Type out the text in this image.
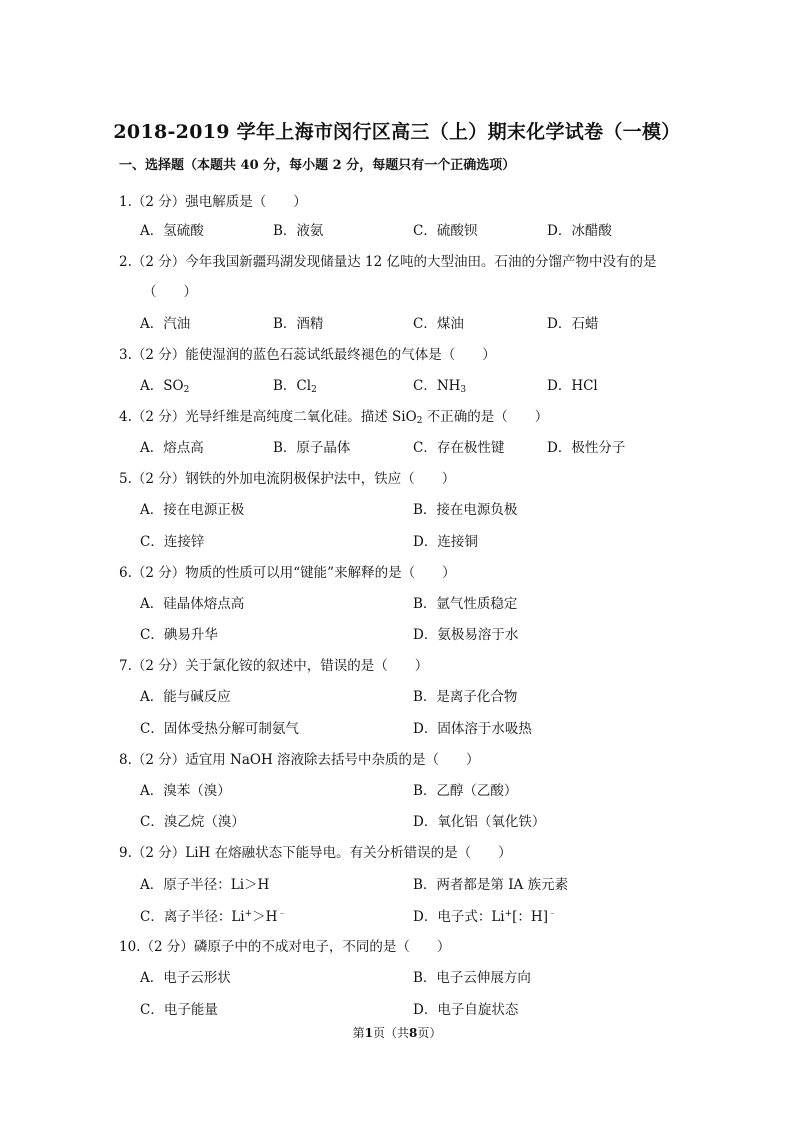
2018-2019 学年上海市闵行区高三（上）期末化学试卷（一模）
一、选择题（本题共 40 分，每小题 2 分，每题只有一个正确选项）
1.（2 分）强电解质是（　　）
A．氢硫酸	B．液氨	C．硫酸钡	D．冰醋酸
2.（2 分）今年我国新疆玛湖发现储量达 12 亿吨的大型油田。石油的分馏产物中没有的是
（　　）
A．汽油	B．酒精	C．煤油	D．石蜡
3.（2 分）能使湿润的蓝色石蕊试纸最终褪色的气体是（　　）
A．$SO_2$	B．$Cl_2$	C．$NH_3$	D．HCl
4.（2 分）光导纤维是高纯度二氧化硅。描述 SiO$_2$ 不正确的是（　　）
A．熔点高	B．原子晶体	C．存在极性键	D．极性分子
5.（2 分）钢铁的外加电流阴极保护法中，铁应（　　）
A．接在电源正极	B．接在电源负极
C．连接锌	D．连接铜
6.（2 分）物质的性质可以用“键能”来解释的是（　　）
A．硅晶体熔点高	B．氩气性质稳定
C．碘易升华	D．氨极易溶于水
7.（2 分）关于氯化铵的叙述中，错误的是（　　）
A．能与碱反应	B．是离子化合物
C．固体受热分解可制氨气	D．固体溶于水吸热
8.（2 分）适宜用 NaOH 溶液除去括号中杂质的是（　　）
A．溴苯（溴）	B．乙醇（乙酸）
C．溴乙烷（溴）	D．氧化铝（氧化铁）
9.（2 分）LiH 在熔融状态下能导电。有关分析错误的是（　　）
A．原子半径：Li＞H	B．两者都是第 IA 族元素
C．离子半径：Li+＞H﹣	D．电子式：Li+[：H]﹣
10.（2 分）磷原子中的不成对电子，不同的是（　　）
A．电子云形状	B．电子云伸展方向
C．电子能量	D．电子自旋状态
第1页（共8页）
